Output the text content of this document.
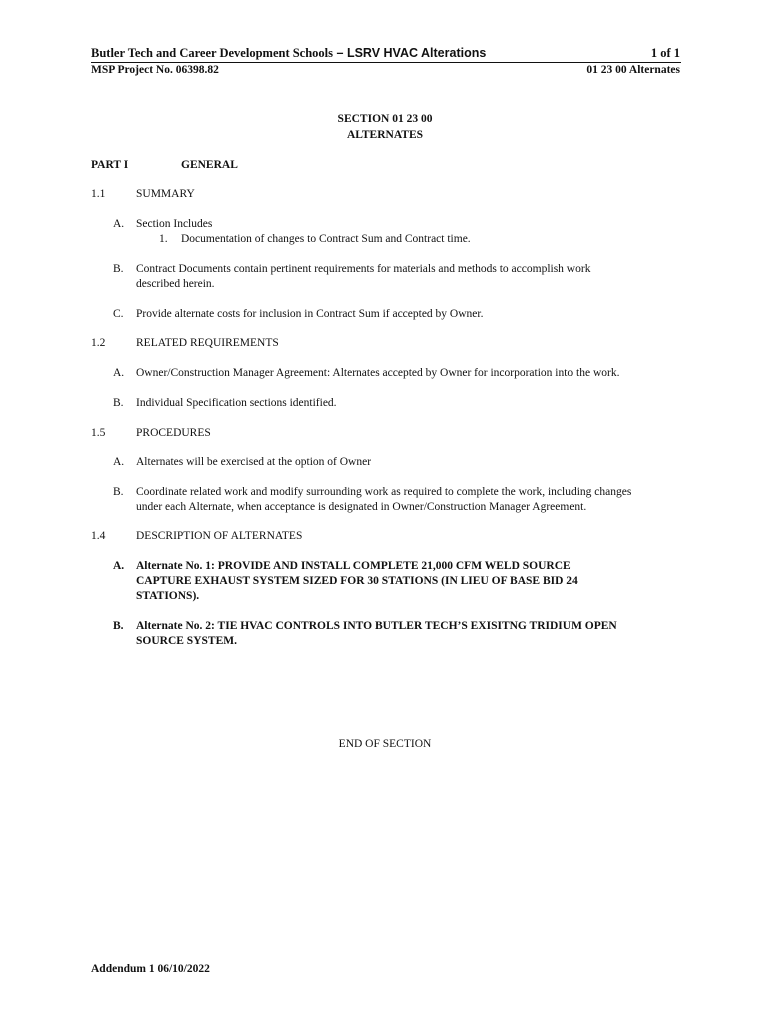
Butler Tech and Career Development Schools – LSRV HVAC Alterations	1 of 1
MSP Project No. 06398.82	01 23 00 Alternates
SECTION 01 23 00
ALTERNATES
PART I	GENERAL
1.1	SUMMARY
A. Section Includes
1. Documentation of changes to Contract Sum and Contract time.
B. Contract Documents contain pertinent requirements for materials and methods to accomplish work
described herein.
C. Provide alternate costs for inclusion in Contract Sum if accepted by Owner.
1.2	RELATED REQUIREMENTS
A. Owner/Construction Manager Agreement: Alternates accepted by Owner for incorporation into the work.
B. Individual Specification sections identified.
1.5	PROCEDURES
A. Alternates will be exercised at the option of Owner
B. Coordinate related work and modify surrounding work as required to complete the work, including changes
under each Alternate, when acceptance is designated in Owner/Construction Manager Agreement.
1.4	DESCRIPTION OF ALTERNATES
A. Alternate No. 1: PROVIDE AND INSTALL COMPLETE 21,000 CFM WELD SOURCE
CAPTURE EXHAUST SYSTEM SIZED FOR 30 STATIONS (IN LIEU OF BASE BID 24
STATIONS).
B. Alternate No. 2: TIE HVAC CONTROLS INTO BUTLER TECH’S EXISITNG TRIDIUM OPEN
SOURCE SYSTEM.
END OF SECTION
Addendum 1 06/10/2022
